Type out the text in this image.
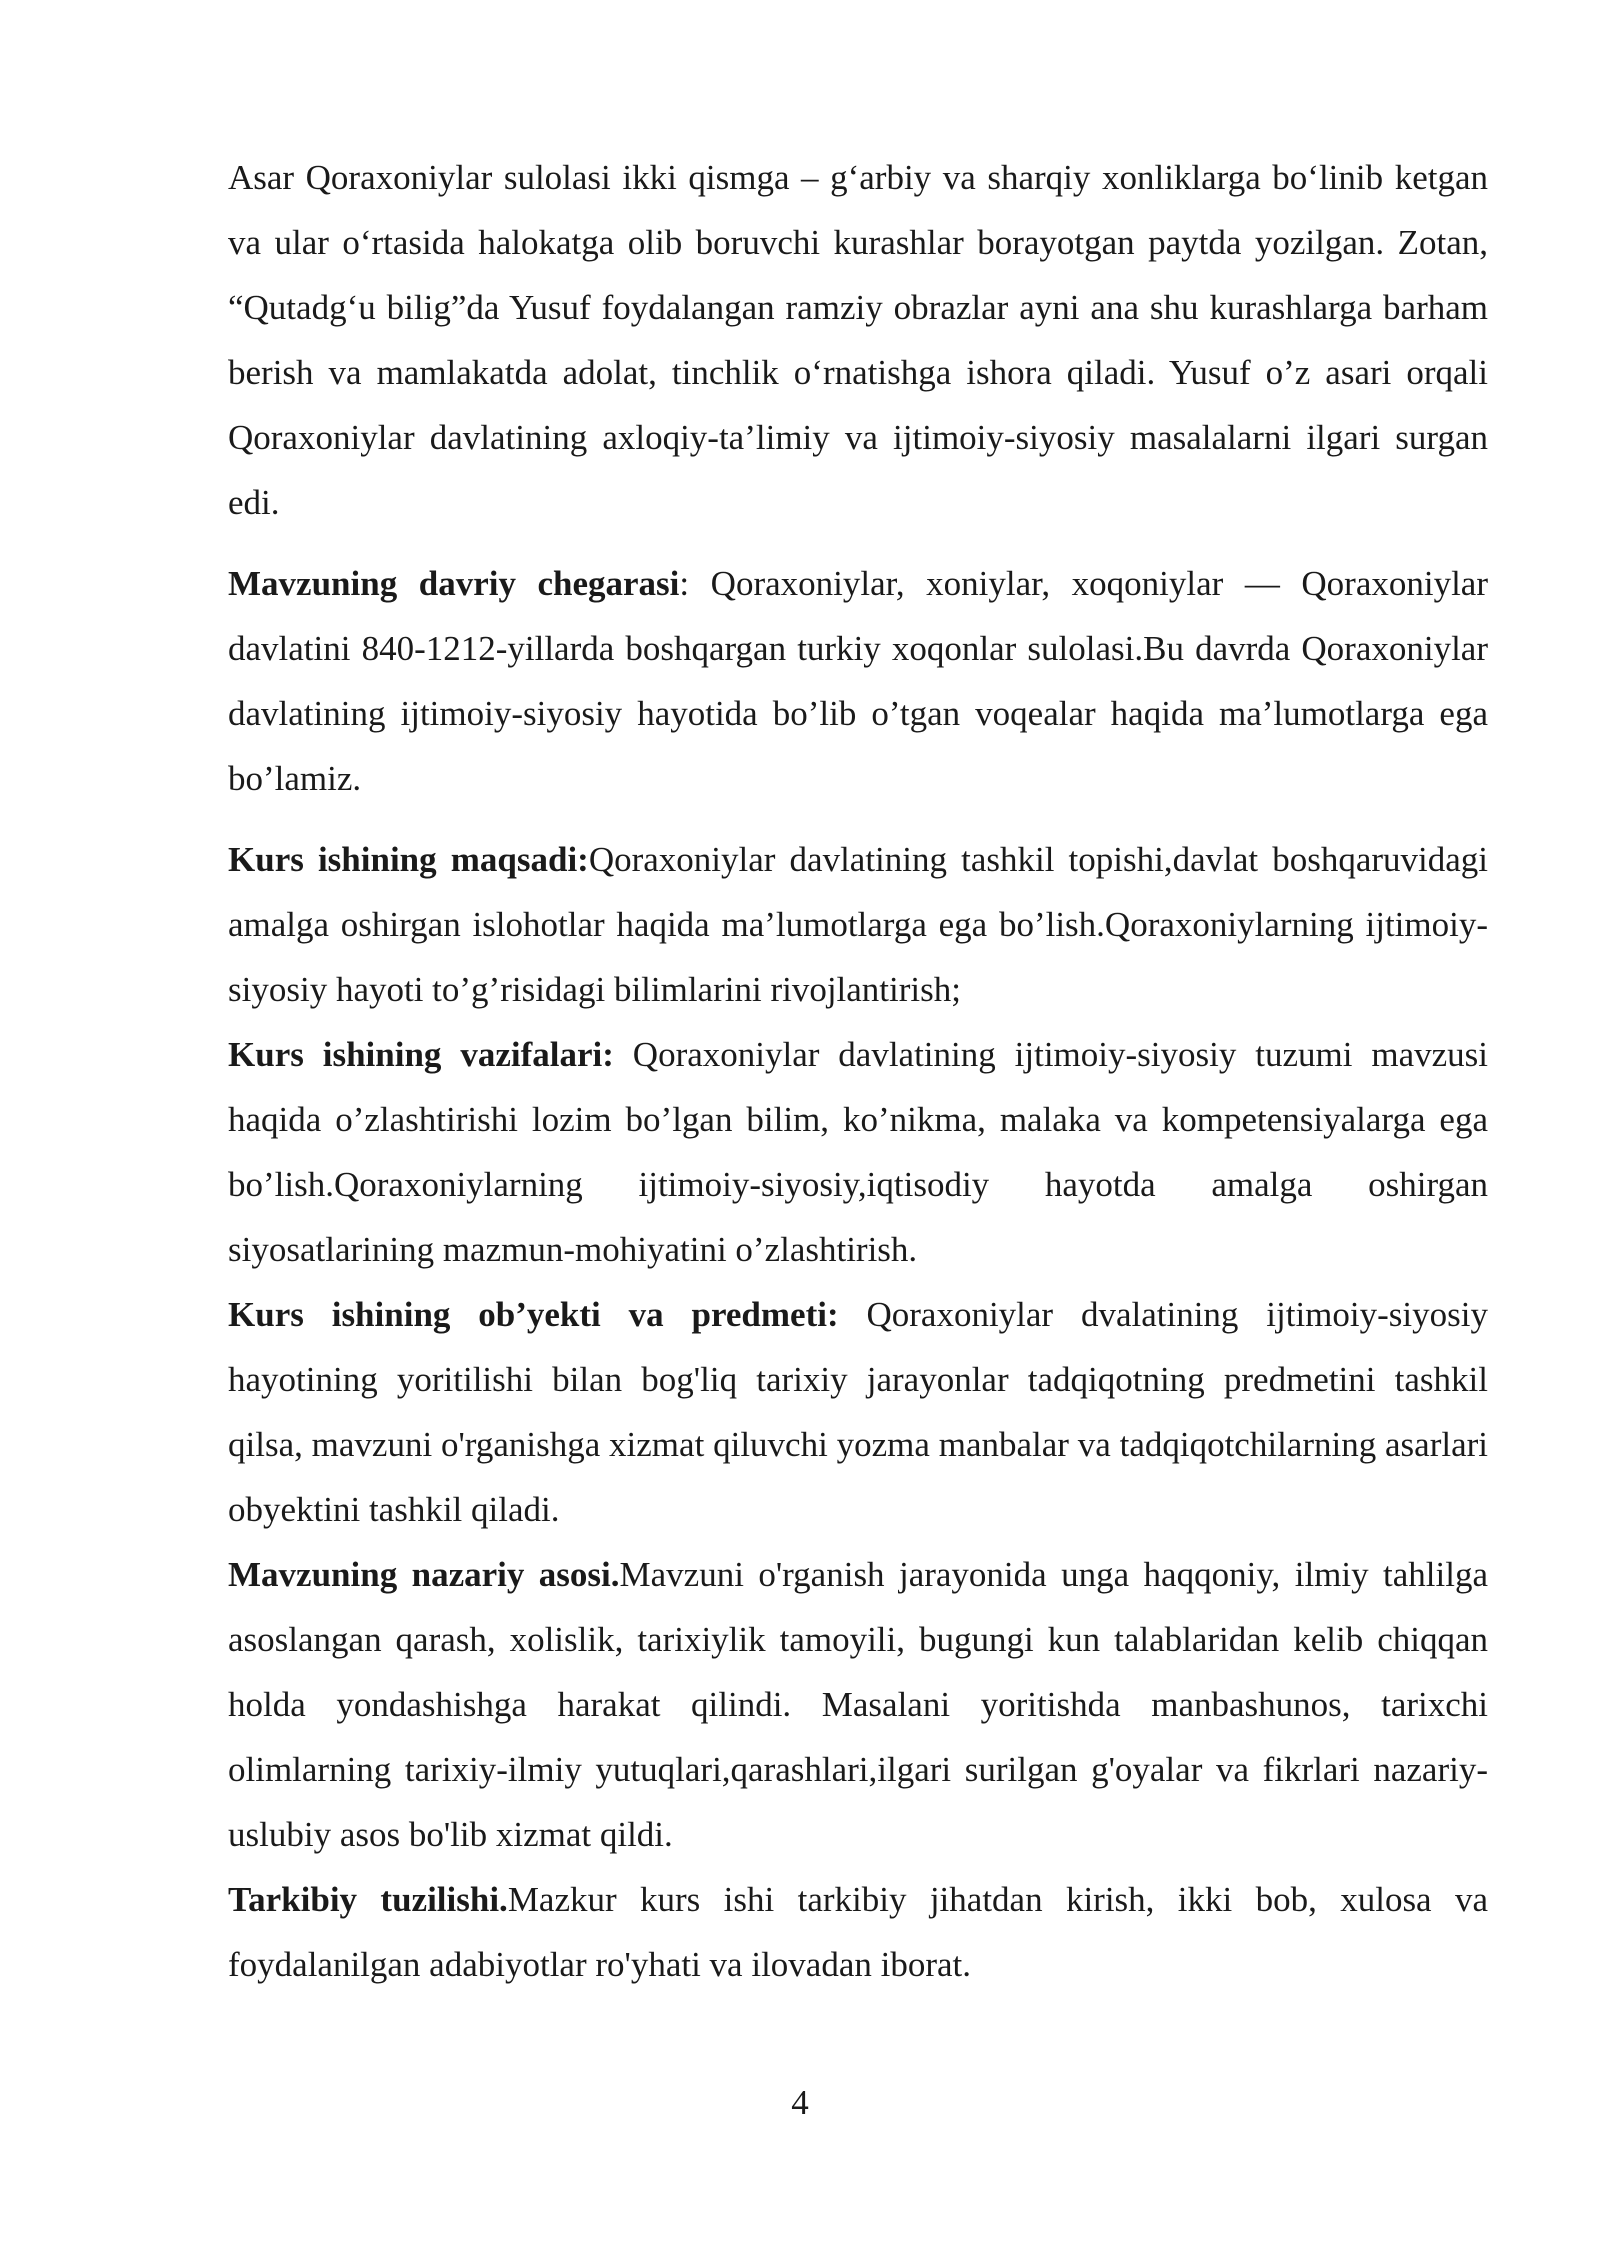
Asar Qoraxoniylar sulolasi ikki qismga – g‘arbiy va sharqiy xonliklarga bo‘linib ketgan va ular o‘rtasida halokatga olib boruvchi kurashlar borayotgan paytda yozilgan. Zotan, “Qutadg‘u bilig”da Yusuf foydalangan ramziy obrazlar ayni ana shu kurashlarga barham berish va mamlakatda adolat, tinchlik o‘rnatishga ishora qiladi. Yusuf o’z asari orqali Qoraxoniylar davlatining axloqiy-ta’limiy va ijtimoiy-siyosiy masalalarni ilgari surgan edi.

Mavzuning davriy chegarasi: Qoraxoniylar, xoniylar, xoqoniylar — Qoraxoniylar davlatini 840-1212-yillarda boshqargan turkiy xoqonlar sulolasi.Bu davrda Qoraxoniylar davlatining ijtimoiy-siyosiy hayotida bo’lib o’tgan voqealar haqida ma’lumotlarga ega bo’lamiz.

Kurs ishining maqsadi:Qoraxoniylar davlatining tashkil topishi,davlat boshqaruvidagi amalga oshirgan islohotlar haqida ma’lumotlarga ega bo’lish.Qoraxoniylarning ijtimoiy-siyosiy hayoti to’g’risidagi bilimlarini rivojlantirish;

Kurs ishining vazifalari: Qoraxoniylar davlatining ijtimoiy-siyosiy tuzumi mavzusi haqida o’zlashtirishi lozim bo’lgan bilim, ko’nikma, malaka va kompetensiyalarga ega bo’lish.Qoraxoniylarning ijtimoiy-siyosiy,iqtisodiy hayotda amalga oshirgan siyosatlarining mazmun-mohiyatini o’zlashtirish.

Kurs ishining ob’yekti va predmeti: Qoraxoniylar dvalatining ijtimoiy-siyosiy hayotining yoritilishi bilan bog'liq tarixiy jarayonlar tadqiqotning predmetini tashkil qilsa, mavzuni o'rganishga xizmat qiluvchi yozma manbalar va tadqiqotchilarning asarlari obyektini tashkil qiladi.

Mavzuning nazariy asosi.Mavzuni o'rganish jarayonida unga haqqoniy, ilmiy tahlilga asoslangan qarash, xolislik, tarixiylik tamoyili, bugungi kun talablaridan kelib chiqqan holda yondashishga harakat qilindi. Masalani yoritishda manbashunos, tarixchi olimlarning tarixiy-ilmiy yutuqlari,qarashlari,ilgari surilgan g'oyalar va fikrlari nazariy- uslubiy asos bo'lib xizmat qildi.

Tarkibiy tuzilishi.Mazkur kurs ishi tarkibiy jihatdan kirish, ikki bob, xulosa va foydalanilgan adabiyotlar ro'yhati va ilovadan iborat.

4
